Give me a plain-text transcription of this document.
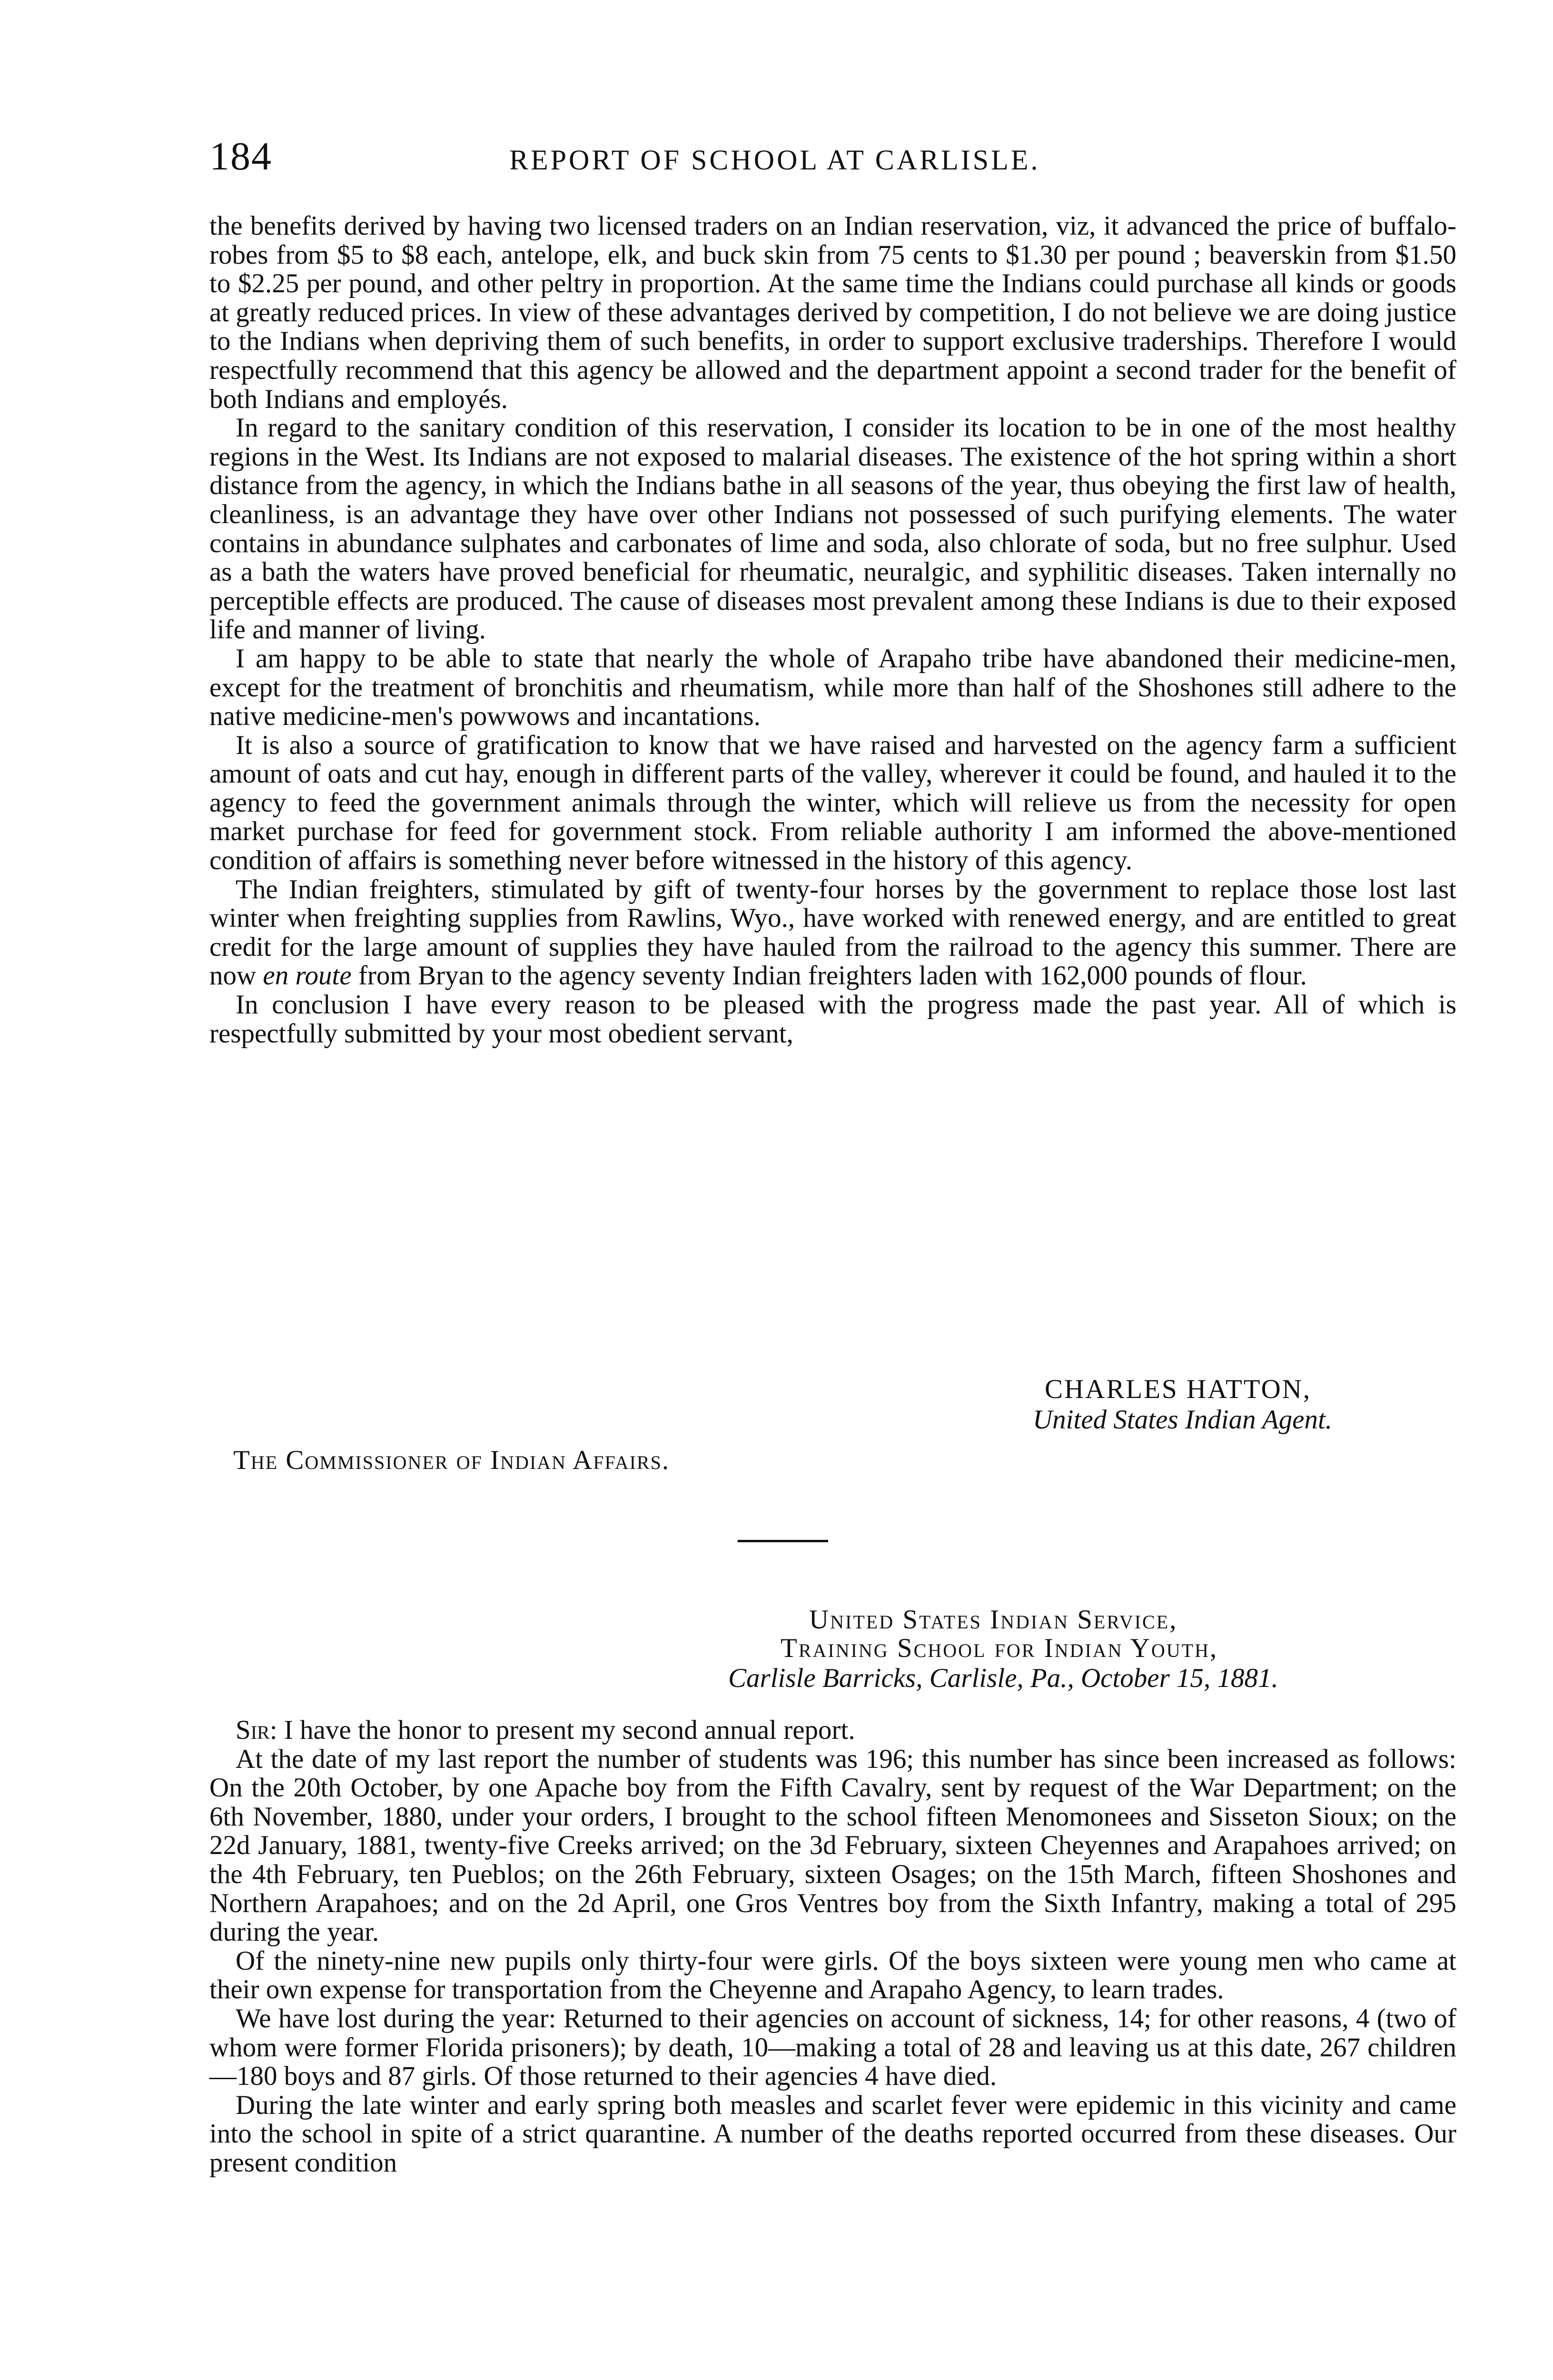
184	REPORT OF SCHOOL AT CARLISLE.

the benefits derived by having two licensed traders on an Indian reservation, viz, it advanced the price of buffalo-robes from $5 to $8 each, antelope, elk, and buck skin from 75 cents to $1.30 per pound ; beaverskin from $1.50 to $2.25 per pound, and other peltry in proportion. At the same time the Indians could purchase all kinds or goods at greatly reduced prices. In view of these advantages derived by competition, I do not believe we are doing justice to the Indians when depriving them of such benefits, in order to support exclusive traderships. Therefore I would respectfully recommend that this agency be allowed and the department appoint a second trader for the benefit of both Indians and employés.

In regard to the sanitary condition of this reservation, I consider its location to be in one of the most healthy regions in the West. Its Indians are not exposed to malarial diseases. The existence of the hot spring within a short distance from the agency, in which the Indians bathe in all seasons of the year, thus obeying the first law of health, cleanliness, is an advantage they have over other Indians not possessed of such purifying elements. The water contains in abundance sulphates and carbonates of lime and soda, also chlorate of soda, but no free sulphur. Used as a bath the waters have proved beneficial for rheumatic, neuralgic, and syphilitic diseases. Taken internally no perceptible effects are produced. The cause of diseases most prevalent among these Indians is due to their exposed life and manner of living.

I am happy to be able to state that nearly the whole of Arapaho tribe have abandoned their medicine-men, except for the treatment of bronchitis and rheumatism, while more than half of the Shoshones still adhere to the native medicine-men's powwows and incantations.

It is also a source of gratification to know that we have raised and harvested on the agency farm a sufficient amount of oats and cut hay, enough in different parts of the valley, wherever it could be found, and hauled it to the agency to feed the government animals through the winter, which will relieve us from the necessity for open market purchase for feed for government stock. From reliable authority I am informed the above-mentioned condition of affairs is something never before witnessed in the history of this agency.

The Indian freighters, stimulated by gift of twenty-four horses by the government to replace those lost last winter when freighting supplies from Rawlins, Wyo., have worked with renewed energy, and are entitled to great credit for the large amount of supplies they have hauled from the railroad to the agency this summer. There are now en route from Bryan to the agency seventy Indian freighters laden with 162,000 pounds of flour.

In conclusion I have every reason to be pleased with the progress made the past year. All of which is respectfully submitted by your most obedient servant,

CHARLES HATTON,
United States Indian Agent.
The Commissioner of Indian Affairs.
United States Indian Service,
Training School for Indian Youth,
Carlisle Barricks, Carlisle, Pa., October 15, 1881.

Sir: I have the honor to present my second annual report.

At the date of my last report the number of students was 196; this number has since been increased as follows: On the 20th October, by one Apache boy from the Fifth Cavalry, sent by request of the War Department; on the 6th November, 1880, under your orders, I brought to the school fifteen Menomonees and Sisseton Sioux; on the 22d January, 1881, twenty-five Creeks arrived; on the 3d February, sixteen Cheyennes and Arapahoes arrived; on the 4th February, ten Pueblos; on the 26th February, sixteen Osages; on the 15th March, fifteen Shoshones and Northern Arapahoes; and on the 2d April, one Gros Ventres boy from the Sixth Infantry, making a total of 295 during the year.

Of the ninety-nine new pupils only thirty-four were girls. Of the boys sixteen were young men who came at their own expense for transportation from the Cheyenne and Arapaho Agency, to learn trades.

We have lost during the year: Returned to their agencies on account of sickness, 14; for other reasons, 4 (two of whom were former Florida prisoners); by death, 10—making a total of 28 and leaving us at this date, 267 children—180 boys and 87 girls. Of those returned to their agencies 4 have died.

During the late winter and early spring both measles and scarlet fever were epidemic in this vicinity and came into the school in spite of a strict quarantine. A number of the deaths reported occurred from these diseases. Our present condition
